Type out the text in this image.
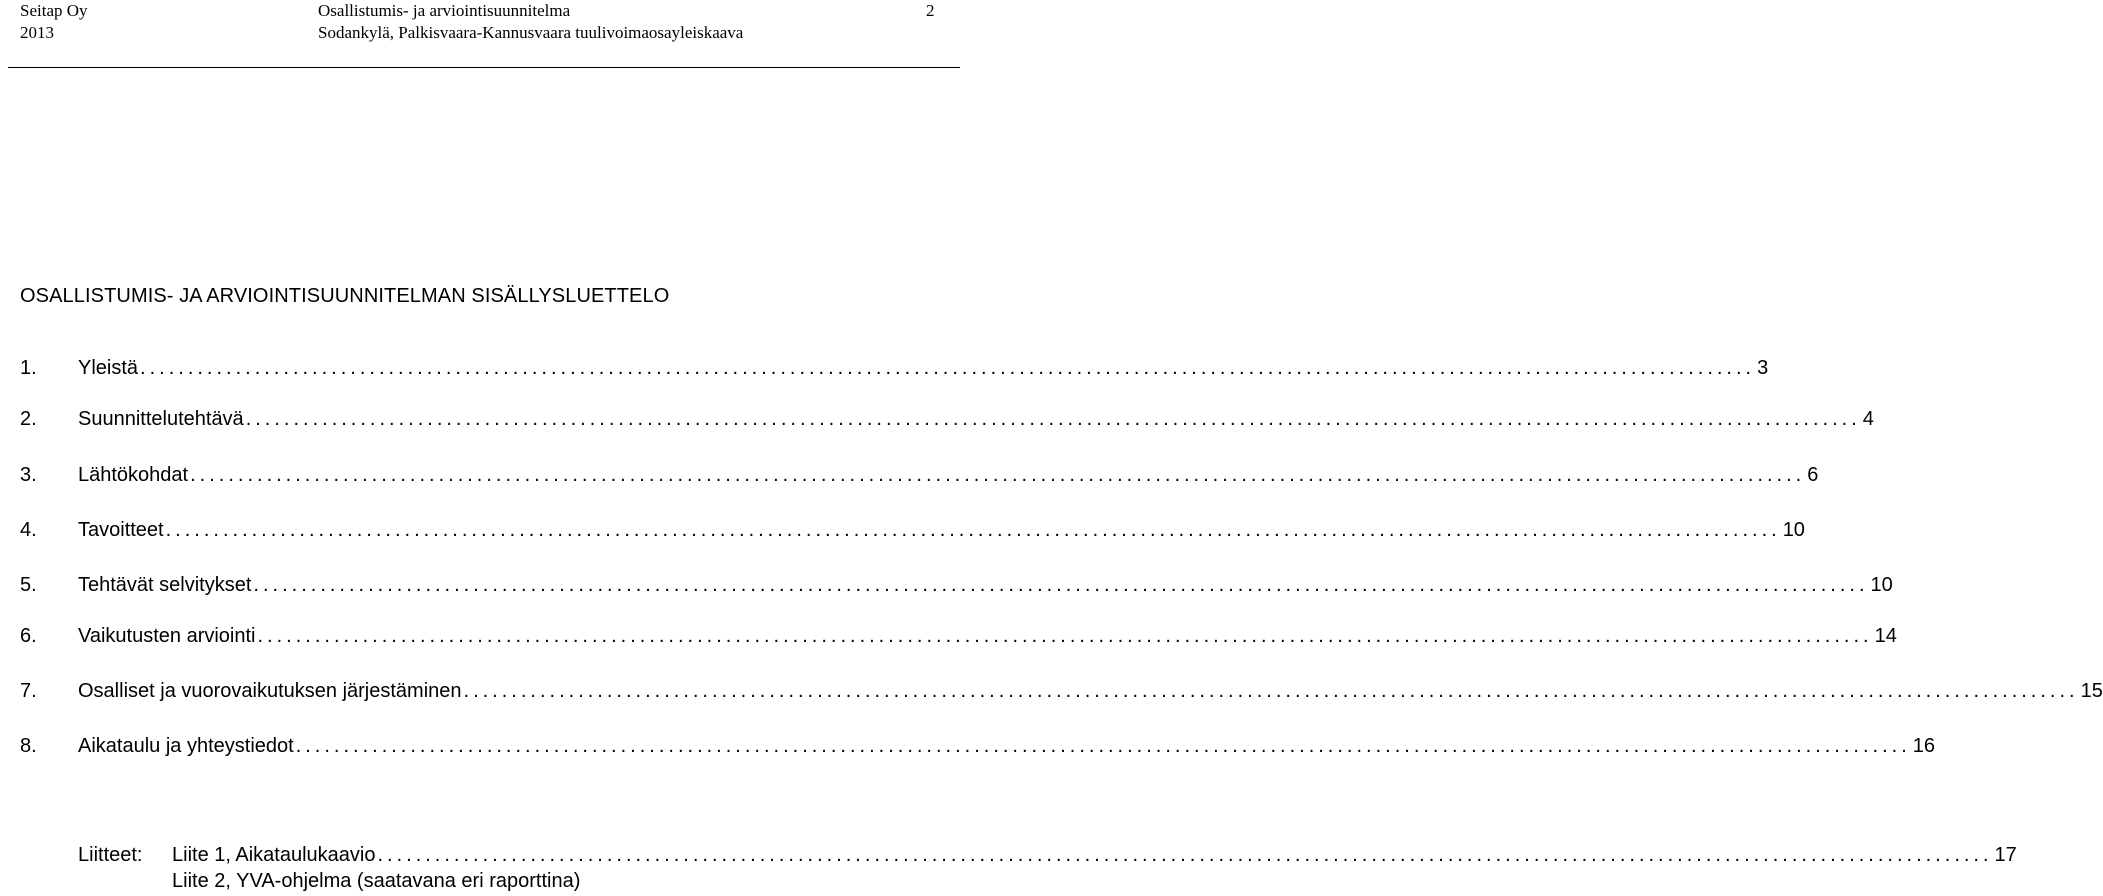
Seitap Oy
2013
Osallistumis- ja arviointisuunnitelma
Sodankylä, Palkisvaara-Kannusvaara tuulivoimaosayleiskaava
2
OSALLISTUMIS- JA ARVIOINTISUUNNITELMAN SISÄLLYSLUETTELO
1. Yleistä ......................................................................................................................................................................... 3
2. Suunnittelutehtävä ......................................................................................................................................................................... 4
3. Lähtökohdat ......................................................................................................................................................................... 6
4. Tavoitteet ......................................................................................................................................................................... 10
5. Tehtävät selvitykset ......................................................................................................................................................................... 10
6. Vaikutusten arviointi ......................................................................................................................................................................... 14
7. Osalliset ja vuorovaikutuksen järjestäminen ......................................................................................................................................................................... 15
8. Aikataulu ja yhteystiedot ......................................................................................................................................................................... 16
Liitteet: Liite 1, Aikataulukaavio ......................................................................................................................................................................... 17
Liite 2, YVA-ohjelma (saatavana eri raporttina)
